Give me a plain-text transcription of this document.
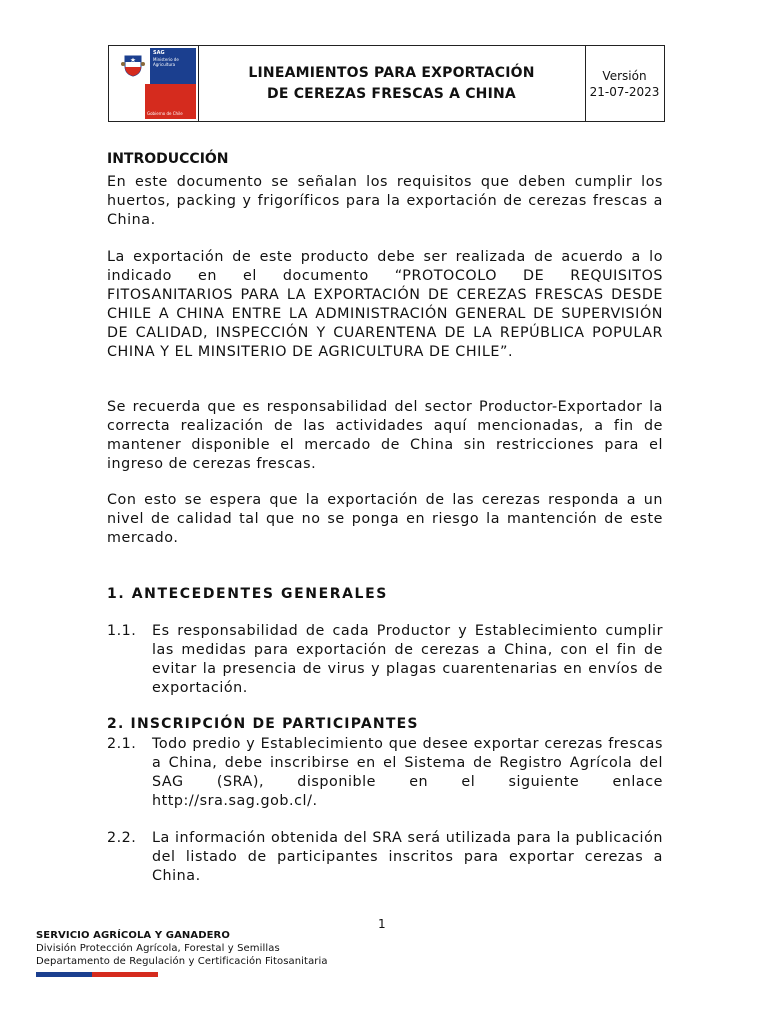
SAG
Ministerio de Agricultura
Gobierno de Chile
LINEAMIENTOS PARA EXPORTACIÓN
DE CEREZAS FRESCAS A CHINA
Versión
21-07-2023
INTRODUCCIÓN
En este documento se señalan los requisitos que deben cumplir los huertos, packing y frigoríficos para la exportación de cerezas frescas a China.
La exportación de este producto debe ser realizada de acuerdo a lo indicado en el documento “PROTOCOLO DE REQUISITOS FITOSANITARIOS PARA LA EXPORTACIÓN DE CEREZAS FRESCAS DESDE CHILE A CHINA ENTRE LA ADMINISTRACIÓN GENERAL DE SUPERVISIÓN DE CALIDAD, INSPECCIÓN Y CUARENTENA DE LA REPÚBLICA POPULAR CHINA Y EL MINSITERIO DE AGRICULTURA DE CHILE”.
Se recuerda que es responsabilidad del sector Productor-Exportador la correcta realización de las actividades aquí mencionadas, a fin de mantener disponible el mercado de China sin restricciones para el ingreso de cerezas frescas.
Con esto se espera que la exportación de las cerezas responda a un nivel de calidad tal que no se ponga en riesgo la mantención de este mercado.
1. ANTECEDENTES GENERALES
1.1. Es responsabilidad de cada Productor y Establecimiento cumplir las medidas para exportación de cerezas a China, con el fin de evitar la presencia de virus y plagas cuarentenarias en envíos de exportación.
2. INSCRIPCIÓN DE PARTICIPANTES
2.1. Todo predio y Establecimiento que desee exportar cerezas frescas a China, debe inscribirse en el Sistema de Registro Agrícola del SAG (SRA), disponible en el siguiente enlace http://sra.sag.gob.cl/.
2.2. La información obtenida del SRA será utilizada para la publicación del listado de participantes inscritos para exportar cerezas a China.
1
SERVICIO AGRÍCOLA Y GANADERO
División Protección Agrícola, Forestal y Semillas
Departamento de Regulación y Certificación Fitosanitaria
